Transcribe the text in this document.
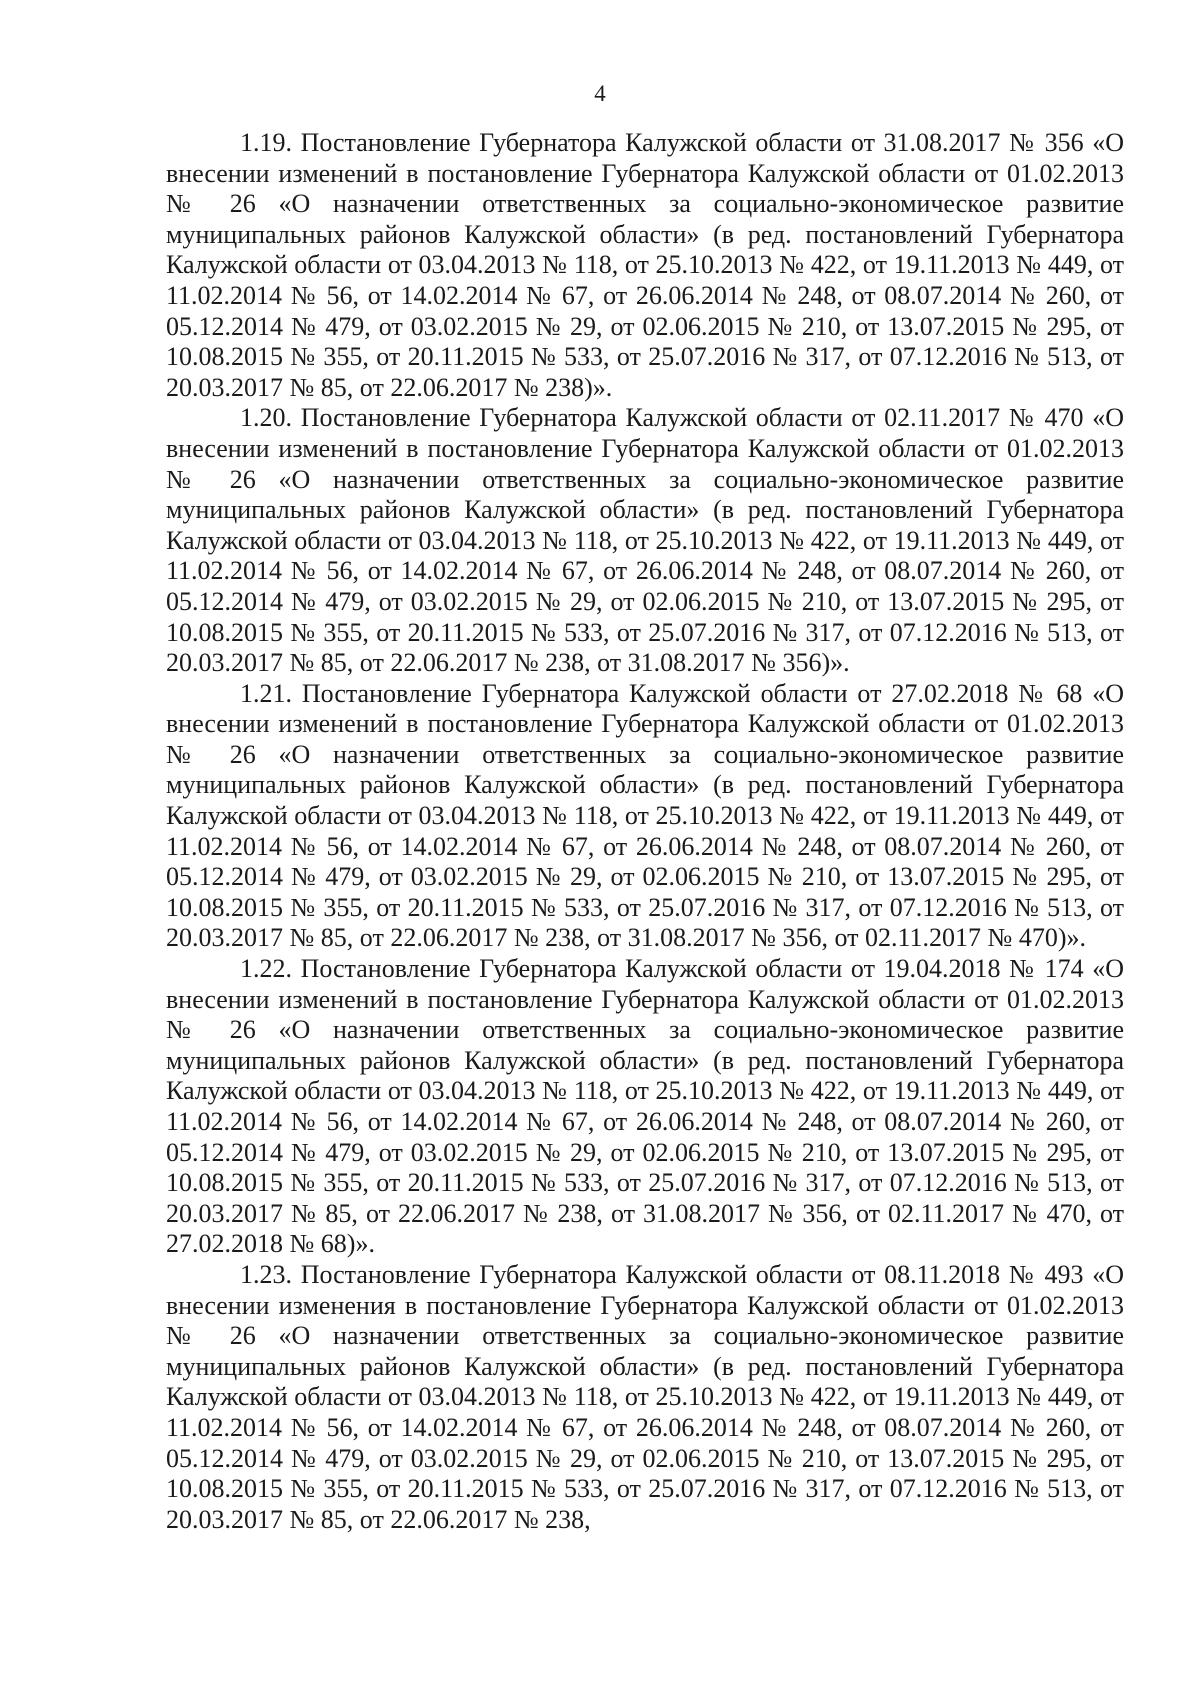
4

1.19. Постановление Губернатора Калужской области от 31.08.2017 № 356 «О внесении изменений в постановление Губернатора Калужской области от 01.02.2013 № 26 «О назначении ответственных за социально-экономическое развитие муниципальных районов Калужской области» (в ред. постановлений Губернатора Калужской области от 03.04.2013 № 118, от 25.10.2013 № 422, от 19.11.2013 № 449, от 11.02.2014 № 56, от 14.02.2014 № 67, от 26.06.2014 № 248, от 08.07.2014 № 260, от 05.12.2014 № 479, от 03.02.2015 № 29, от 02.06.2015 № 210, от 13.07.2015 № 295, от 10.08.2015 № 355, от 20.11.2015 № 533, от 25.07.2016 № 317, от 07.12.2016 № 513, от 20.03.2017 № 85, от 22.06.2017 № 238)».

1.20. Постановление Губернатора Калужской области от 02.11.2017 № 470 «О внесении изменений в постановление Губернатора Калужской области от 01.02.2013 № 26 «О назначении ответственных за социально-экономическое развитие муниципальных районов Калужской области» (в ред. постановлений Губернатора Калужской области от 03.04.2013 № 118, от 25.10.2013 № 422, от 19.11.2013 № 449, от 11.02.2014 № 56, от 14.02.2014 № 67, от 26.06.2014 № 248, от 08.07.2014 № 260, от 05.12.2014 № 479, от 03.02.2015 № 29, от 02.06.2015 № 210, от 13.07.2015 № 295, от 10.08.2015 № 355, от 20.11.2015 № 533, от 25.07.2016 № 317, от 07.12.2016 № 513, от 20.03.2017 № 85, от 22.06.2017 № 238, от 31.08.2017 № 356)».

1.21. Постановление Губернатора Калужской области от 27.02.2018 № 68 «О внесении изменений в постановление Губернатора Калужской области от 01.02.2013 № 26 «О назначении ответственных за социально-экономическое развитие муниципальных районов Калужской области» (в ред. постановлений Губернатора Калужской области от 03.04.2013 № 118, от 25.10.2013 № 422, от 19.11.2013 № 449, от 11.02.2014 № 56, от 14.02.2014 № 67, от 26.06.2014 № 248, от 08.07.2014 № 260, от 05.12.2014 № 479, от 03.02.2015 № 29, от 02.06.2015 № 210, от 13.07.2015 № 295, от 10.08.2015 № 355, от 20.11.2015 № 533, от 25.07.2016 № 317, от 07.12.2016 № 513, от 20.03.2017 № 85, от 22.06.2017 № 238, от 31.08.2017 № 356, от 02.11.2017 № 470)».

1.22. Постановление Губернатора Калужской области от 19.04.2018 № 174 «О внесении изменений в постановление Губернатора Калужской области от 01.02.2013 № 26 «О назначении ответственных за социально-экономическое развитие муниципальных районов Калужской области» (в ред. постановлений Губернатора Калужской области от 03.04.2013 № 118, от 25.10.2013 № 422, от 19.11.2013 № 449, от 11.02.2014 № 56, от 14.02.2014 № 67, от 26.06.2014 № 248, от 08.07.2014 № 260, от 05.12.2014 № 479, от 03.02.2015 № 29, от 02.06.2015 № 210, от 13.07.2015 № 295, от 10.08.2015 № 355, от 20.11.2015 № 533, от 25.07.2016 № 317, от 07.12.2016 № 513, от 20.03.2017 № 85, от 22.06.2017 № 238, от 31.08.2017 № 356, от 02.11.2017 № 470, от 27.02.2018 № 68)».

1.23. Постановление Губернатора Калужской области от 08.11.2018 № 493 «О внесении изменения в постановление Губернатора Калужской области от 01.02.2013 № 26 «О назначении ответственных за социально-экономическое развитие муниципальных районов Калужской области» (в ред. постановлений Губернатора Калужской области от 03.04.2013 № 118, от 25.10.2013 № 422, от 19.11.2013 № 449, от 11.02.2014 № 56, от 14.02.2014 № 67, от 26.06.2014 № 248, от 08.07.2014 № 260, от 05.12.2014 № 479, от 03.02.2015 № 29, от 02.06.2015 № 210, от 13.07.2015 № 295, от 10.08.2015 № 355, от 20.11.2015 № 533, от 25.07.2016 № 317, от 07.12.2016 № 513, от 20.03.2017 № 85, от 22.06.2017 № 238,
